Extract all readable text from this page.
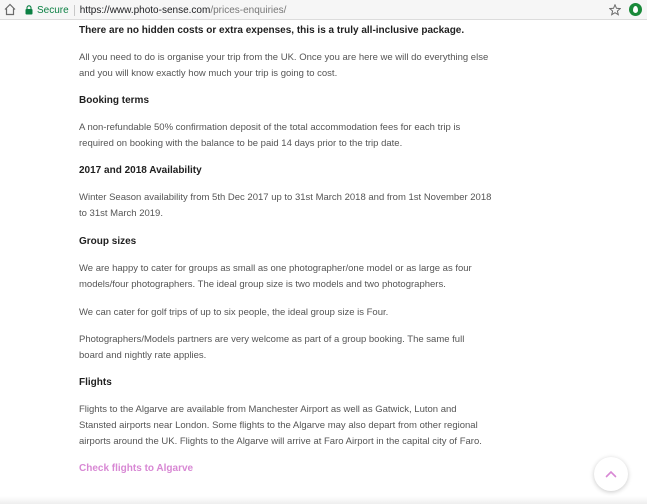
Secure https://www.photo-sense.com /prices-enquiries/
There are no hidden costs or extra expenses, this is a truly all-inclusive package.
All you need to do is organise your trip from the UK. Once you are here we will do everything else
and you will know exactly how much your trip is going to cost.
Booking terms
A non-refundable 50% confirmation deposit of the total accommodation fees for each trip is
required on booking with the balance to be paid 14 days prior to the trip date.
2017 and 2018 Availability
Winter Season availability from 5th Dec 2017 up to 31st March 2018 and from 1st November 2018
to 31st March 2019.
Group sizes
We are happy to cater for groups as small as one photographer/one model or as large as four
models/four photographers. The ideal group size is two models and two photographers.
We can cater for golf trips of up to six people, the ideal group size is Four.
Photographers/Models partners are very welcome as part of a group booking. The same full
board and nightly rate applies.
Flights
Flights to the Algarve are available from Manchester Airport as well as Gatwick, Luton and
Stansted airports near London. Some flights to the Algarve may also depart from other regional
airports around the UK. Flights to the Algarve will arrive at Faro Airport in the capital city of Faro.
Check flights to Algarve
